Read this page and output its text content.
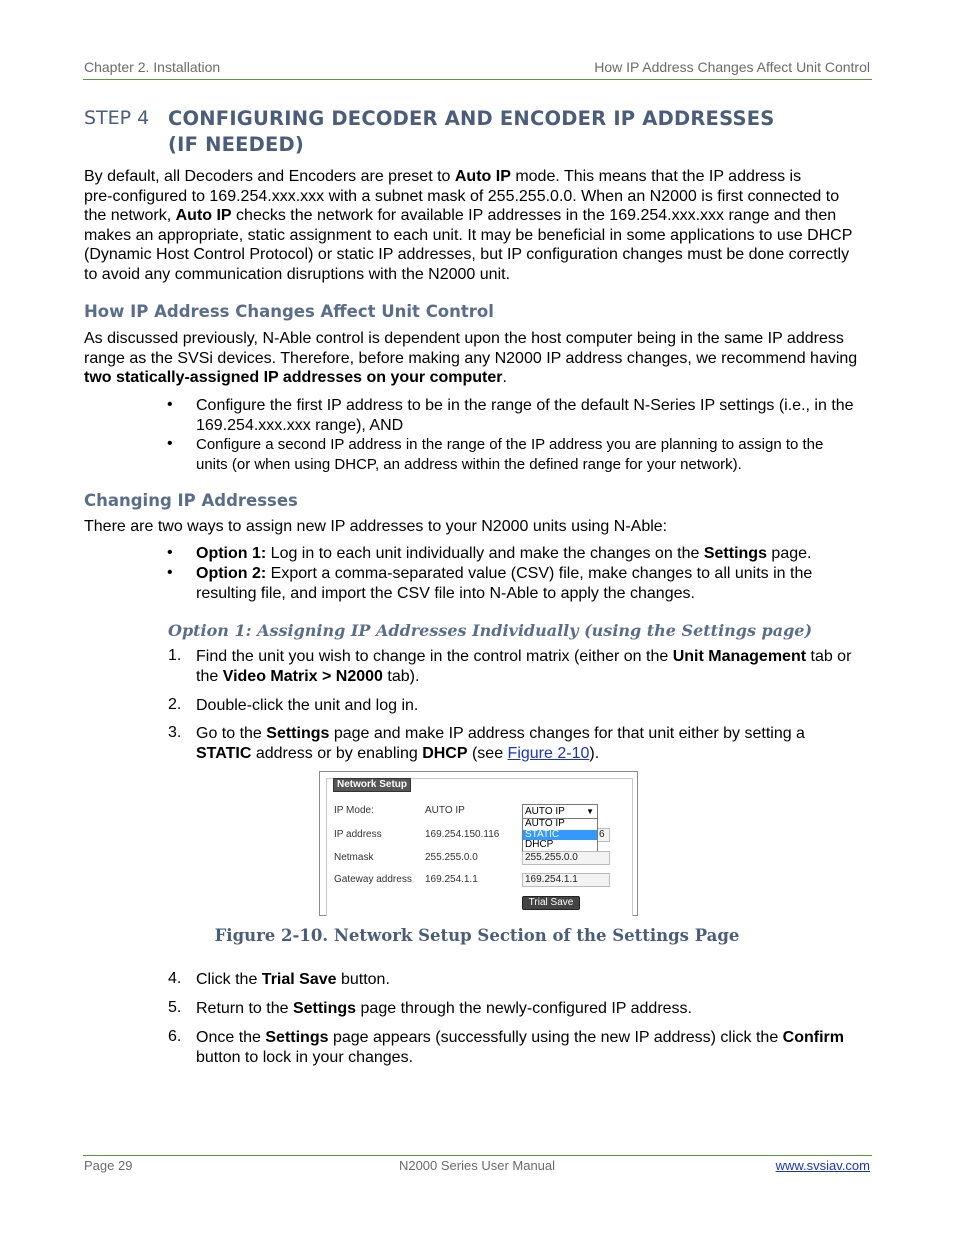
Chapter 2. Installation	How IP Address Changes Affect Unit Control
STEP 4 CONFIGURING DECODER AND ENCODER IP ADDRESSES
(IF NEEDED)
By default, all Decoders and Encoders are preset to Auto IP mode. This means that the IP address is
pre-configured to 169.254.xxx.xxx with a subnet mask of 255.255.0.0. When an N2000 is first connected to
the network, Auto IP checks the network for available IP addresses in the 169.254.xxx.xxx range and then
makes an appropriate, static assignment to each unit. It may be beneficial in some applications to use DHCP
(Dynamic Host Control Protocol) or static IP addresses, but IP configuration changes must be done correctly
to avoid any communication disruptions with the N2000 unit.
How IP Address Changes Affect Unit Control
As discussed previously, N-Able control is dependent upon the host computer being in the same IP address
range as the SVSi devices. Therefore, before making any N2000 IP address changes, we recommend having
two statically-assigned IP addresses on your computer.
• Configure the first IP address to be in the range of the default N-Series IP settings (i.e., in the
169.254.xxx.xxx range), AND
• Configure a second IP address in the range of the IP address you are planning to assign to the
units (or when using DHCP, an address within the defined range for your network).
Changing IP Addresses
There are two ways to assign new IP addresses to your N2000 units using N-Able:
• Option 1: Log in to each unit individually and make the changes on the Settings page.
• Option 2: Export a comma-separated value (CSV) file, make changes to all units in the
resulting file, and import the CSV file into N-Able to apply the changes.
Option 1: Assigning IP Addresses Individually (using the Settings page)
1. Find the unit you wish to change in the control matrix (either on the Unit Management tab or
the Video Matrix > N2000 tab).
2. Double-click the unit and log in.
3. Go to the Settings page and make IP address changes for that unit either by setting a
STATIC address or by enabling DHCP (see Figure 2-10).
Network Setup
IP Mode:	AUTO IP	AUTO IP	▼
IP address	169.254.150.116	6
AUTO IP
STATIC
DHCP
Netmask	255.255.0.0	255.255.0.0
Gateway address 169.254.1.1	169.254.1.1
Trial Save
Figure 2-10. Network Setup Section of the Settings Page
4. Click the Trial Save button.
5. Return to the Settings page through the newly-configured IP address.
6. Once the Settings page appears (successfully using the new IP address) click the Confirm
button to lock in your changes.
Page 29	N2000 Series User Manual	www.svsiav.com
